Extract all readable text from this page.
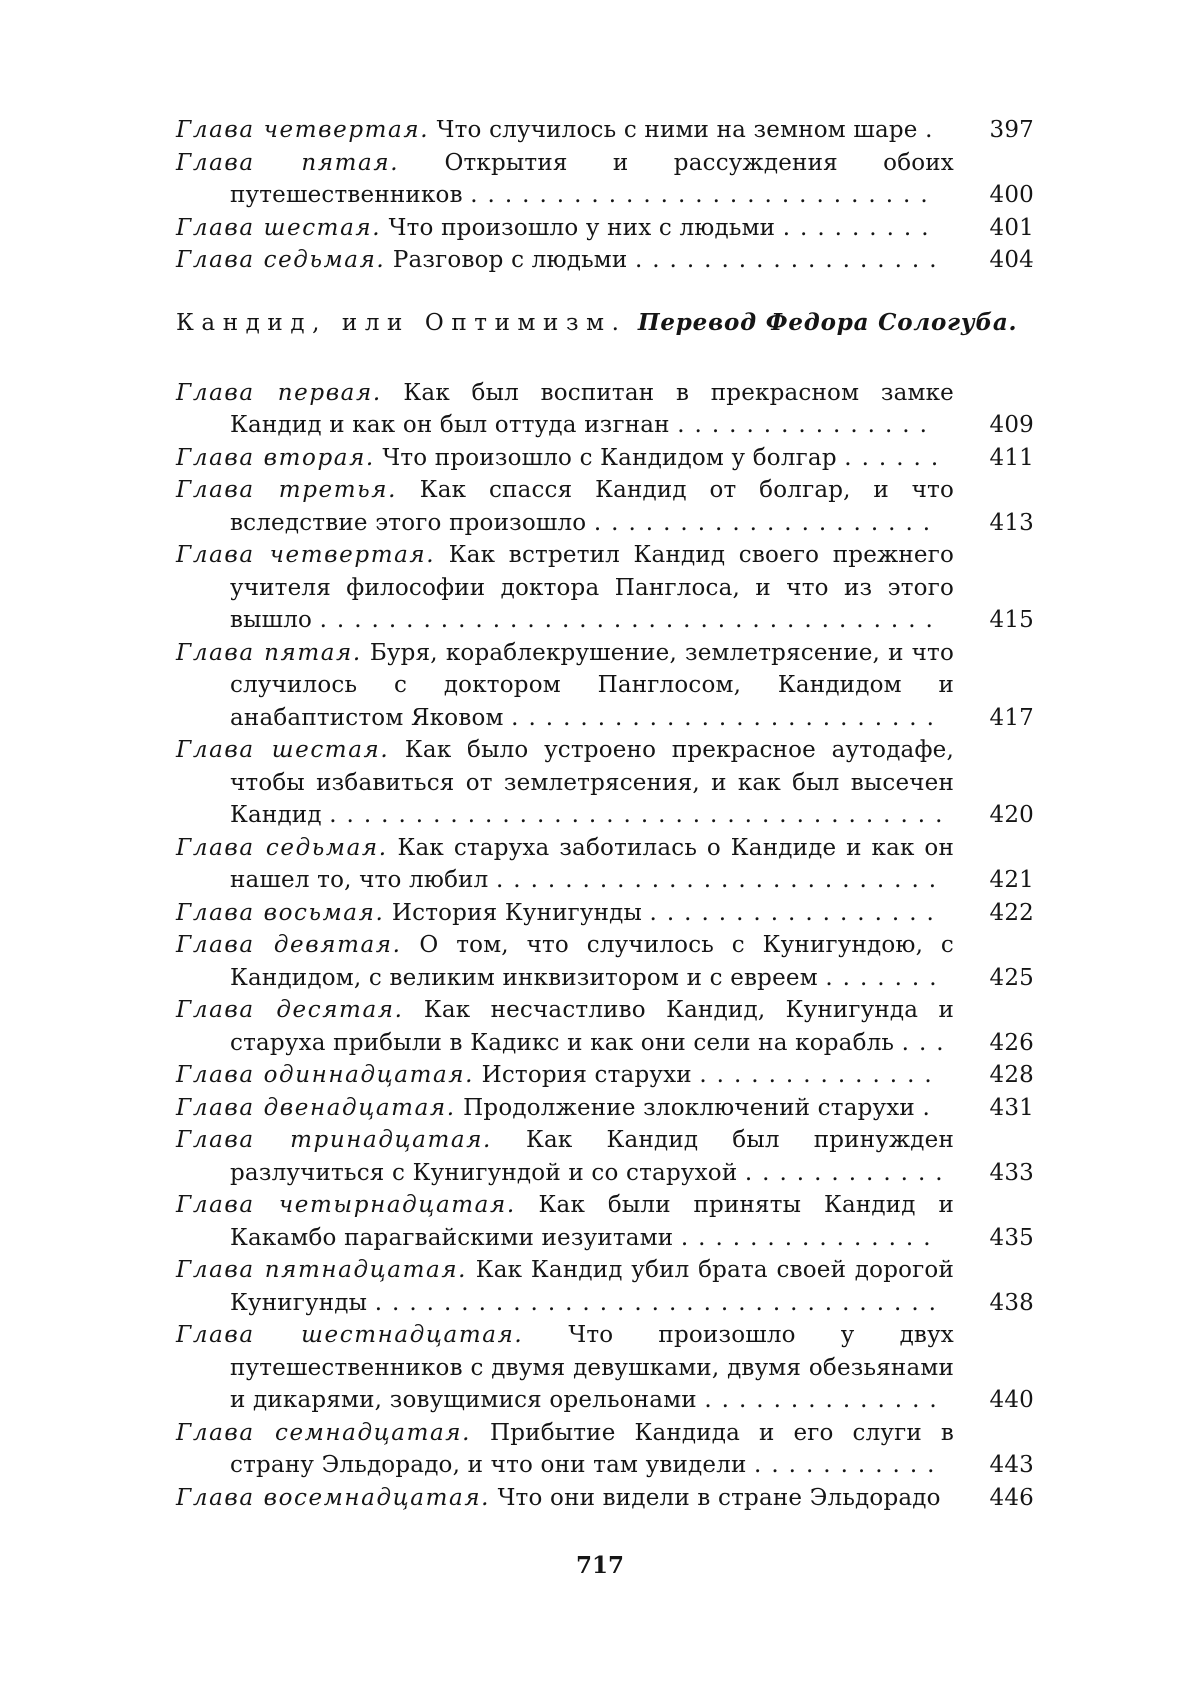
Глава четвертая. Что случилось с ними на земном шаре .	397
Глава пятая. Открытия и рассуждения обоих путешественников ...........................	400
Глава шестая. Что произошло у них с людьми .........	401
Глава седьмая. Разговор с людьми ..................	404
Кандид, или Оптимизм. Перевод Федора Сологуба.
Глава первая. Как был воспитан в прекрасном замке Кандид и как он был оттуда изгнан ...............	409
Глава вторая. Что произошло с Кандидом у болгар ......	411
Глава третья. Как спасся Кандид от болгар, и что вследствие этого произошло ....................	413
Глава четвертая. Как встретил Кандид своего прежнего учителя философии доктора Панглоса, и что из этого вышло ....................................	415
Глава пятая. Буря, кораблекрушение, землетрясение, и что случилось с доктором Панглосом, Кандидом и анабаптистом Яковом .........................	417
Глава шестая. Как было устроено прекрасное аутодафе, чтобы избавиться от землетрясения, и как был высечен Кандид ....................................	420
Глава седьмая. Как старуха заботилась о Кандиде и как он нашел то, что любил ..........................	421
Глава восьмая. История Кунигунды .................	422
Глава девятая. О том, что случилось с Кунигундою, с Кандидом, с великим инквизитором и с евреем .......	425
Глава десятая. Как несчастливо Кандид, Кунигунда и старуха прибыли в Кадикс и как они сели на корабль ...	426
Глава одиннадцатая. История старухи ..............	428
Глава двенадцатая. Продолжение злоключений старухи .	431
Глава тринадцатая. Как Кандид был принужден разлучиться с Кунигундой и со старухой ............	433
Глава четырнадцатая. Как были приняты Кандид и Какамбо парагвайскими иезуитами ...............	435
Глава пятнадцатая. Как Кандид убил брата своей дорогой Кунигунды .................................	438
Глава шестнадцатая. Что произошло у двух путешественников с двумя девушками, двумя обезьянами и дикарями, зовущимися орельонами ..............	440
Глава семнадцатая. Прибытие Кандида и его слуги в страну Эльдорадо, и что они там увидели ...........	443
Глава восемнадцатая. Что они видели в стране Эльдорадо	446
717
